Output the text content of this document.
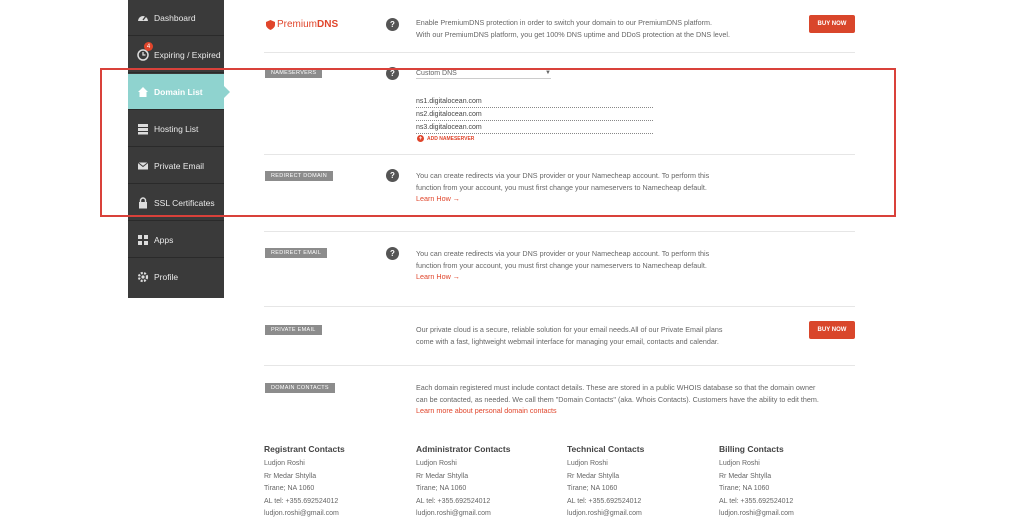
Dashboard
4
Expiring / Expired
Domain List
Hosting List
Private Email
SSL Certificates
Apps
Profile
Premium DNS	?	Enable PremiumDNS protection in order to switch your domain to our PremiumDNS platform.
With our PremiumDNS platform, you get 100% DNS uptime and DDoS protection at the DNS level.
BUY NOW
NAMESERVERS	?	Custom DNS	▼
ns1.digitalocean.com
ns2.digitalocean.com
ns3.digitalocean.com
+ ADD NAMESERVER
REDIRECT DOMAIN	?	You can create redirects via your DNS provider or your Namecheap account. To perform this
function from your account, you must first change your nameservers to Namecheap default.
Learn How →
REDIRECT EMAIL	?	You can create redirects via your DNS provider or your Namecheap account. To perform this
function from your account, you must first change your nameservers to Namecheap default.
Learn How →
PRIVATE EMAIL	Our private cloud is a secure, reliable solution for your email needs.All of our Private Email plans
come with a fast, lightweight webmail interface for managing your email, contacts and calendar.
BUY NOW
DOMAIN CONTACTS	Each domain registered must include contact details. These are stored in a public WHOIS database so that the domain owner
can be contacted, as needed. We call them "Domain Contacts" (aka. Whois Contacts). Customers have the ability to edit them.
Learn more about personal domain contacts
Registrant Contacts
Ludjon Roshi
Rr Medar Shtylla
Tirane; NA 1060
AL tel: +355.692524012
ludjon.roshi@gmail.com
Administrator Contacts
Ludjon Roshi
Rr Medar Shtylla
Tirane; NA 1060
AL tel: +355.692524012
ludjon.roshi@gmail.com
Technical Contacts
Ludjon Roshi
Rr Medar Shtylla
Tirane; NA 1060
AL tel: +355.692524012
ludjon.roshi@gmail.com
Billing Contacts
Ludjon Roshi
Rr Medar Shtylla
Tirane; NA 1060
AL tel: +355.692524012
ludjon.roshi@gmail.com
